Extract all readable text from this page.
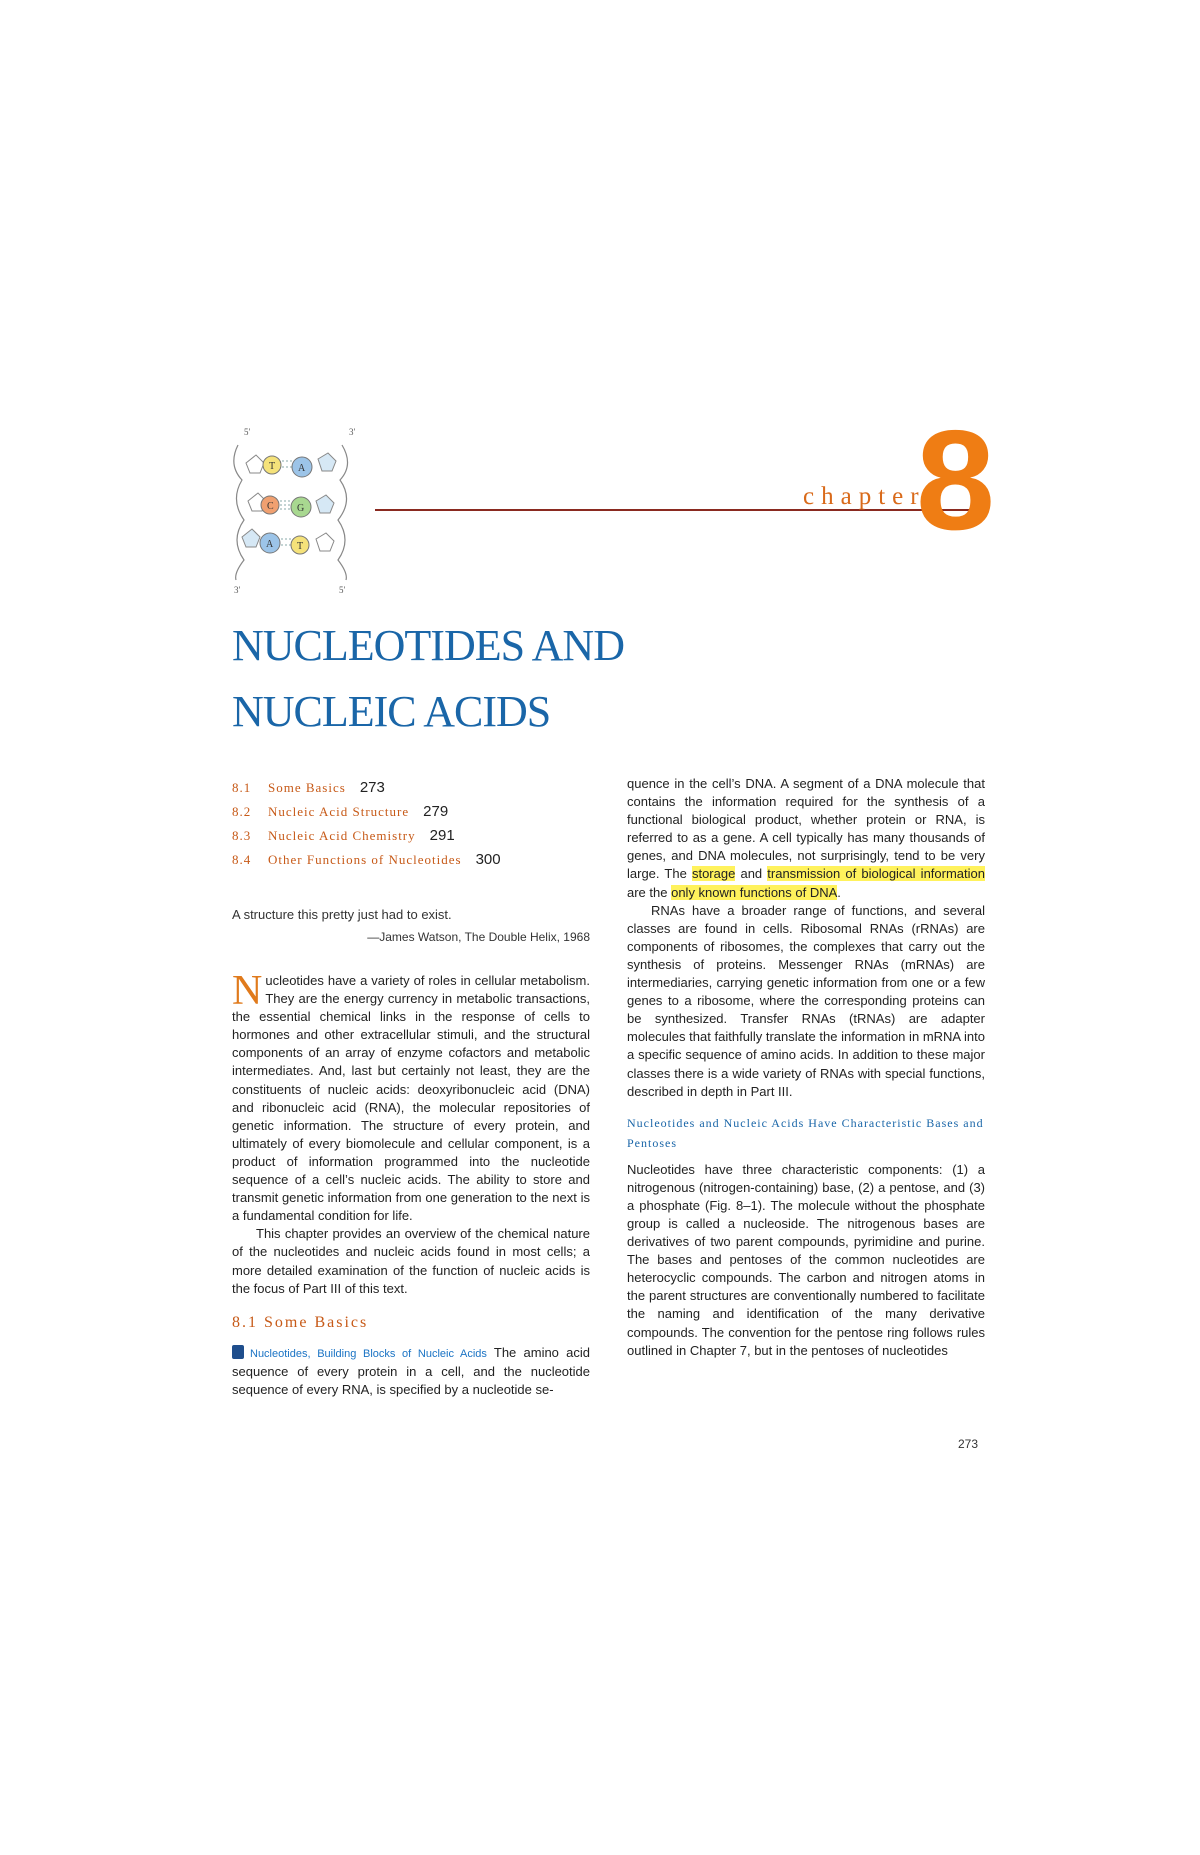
5′	3′
3′	5′
T A
C G
A T
chapter
8
NUCLEOTIDES AND
NUCLEIC ACIDS
8.1 Some Basics 273
8.2 Nucleic Acid Structure 279
8.3 Nucleic Acid Chemistry 291
8.4 Other Functions of Nucleotides 300
A structure this pretty just had to exist.
—James Watson, The Double Helix, 1968

Nucleotides have a variety of roles in cellular metabolism. They are the energy currency in metabolic transactions, the essential chemical links in the response of cells to hormones and other extracellular stimuli, and the structural components of an array of enzyme cofactors and metabolic intermediates. And, last but certainly not least, they are the constituents of nucleic acids: deoxyribonucleic acid (DNA) and ribonucleic acid (RNA), the molecular repositories of genetic information. The structure of every protein, and ultimately of every biomolecule and cellular component, is a product of information programmed into the nucleotide sequence of a cell’s nucleic acids. The ability to store and transmit genetic information from one generation to the next is a fundamental condition for life.

This chapter provides an overview of the chemical nature of the nucleotides and nucleic acids found in most cells; a more detailed examination of the function of nucleic acids is the focus of Part III of this text.

8.1 Some Basics

Nucleotides, Building Blocks of Nucleic Acids The amino acid sequence of every protein in a cell, and the nucleotide sequence of every RNA, is specified by a nucleotide se-

quence in the cell’s DNA. A segment of a DNA molecule that contains the information required for the synthesis of a functional biological product, whether protein or RNA, is referred to as a gene. A cell typically has many thousands of genes, and DNA molecules, not surprisingly, tend to be very large. The storage and transmission of biological information are the only known functions of DNA.

RNAs have a broader range of functions, and several classes are found in cells. Ribosomal RNAs (rRNAs) are components of ribosomes, the complexes that carry out the synthesis of proteins. Messenger RNAs (mRNAs) are intermediaries, carrying genetic information from one or a few genes to a ribosome, where the corresponding proteins can be synthesized. Transfer RNAs (tRNAs) are adapter molecules that faithfully translate the information in mRNA into a specific sequence of amino acids. In addition to these major classes there is a wide variety of RNAs with special functions, described in depth in Part III.

Nucleotides and Nucleic Acids Have Characteristic Bases and Pentoses

Nucleotides have three characteristic components: (1) a nitrogenous (nitrogen-containing) base, (2) a pentose, and (3) a phosphate (Fig. 8–1). The molecule without the phosphate group is called a nucleoside. The nitrogenous bases are derivatives of two parent compounds, pyrimidine and purine. The bases and pentoses of the common nucleotides are heterocyclic compounds. The carbon and nitrogen atoms in the parent structures are conventionally numbered to facilitate the naming and identification of the many derivative compounds. The convention for the pentose ring follows rules outlined in Chapter 7, but in the pentoses of nucleotides

273
